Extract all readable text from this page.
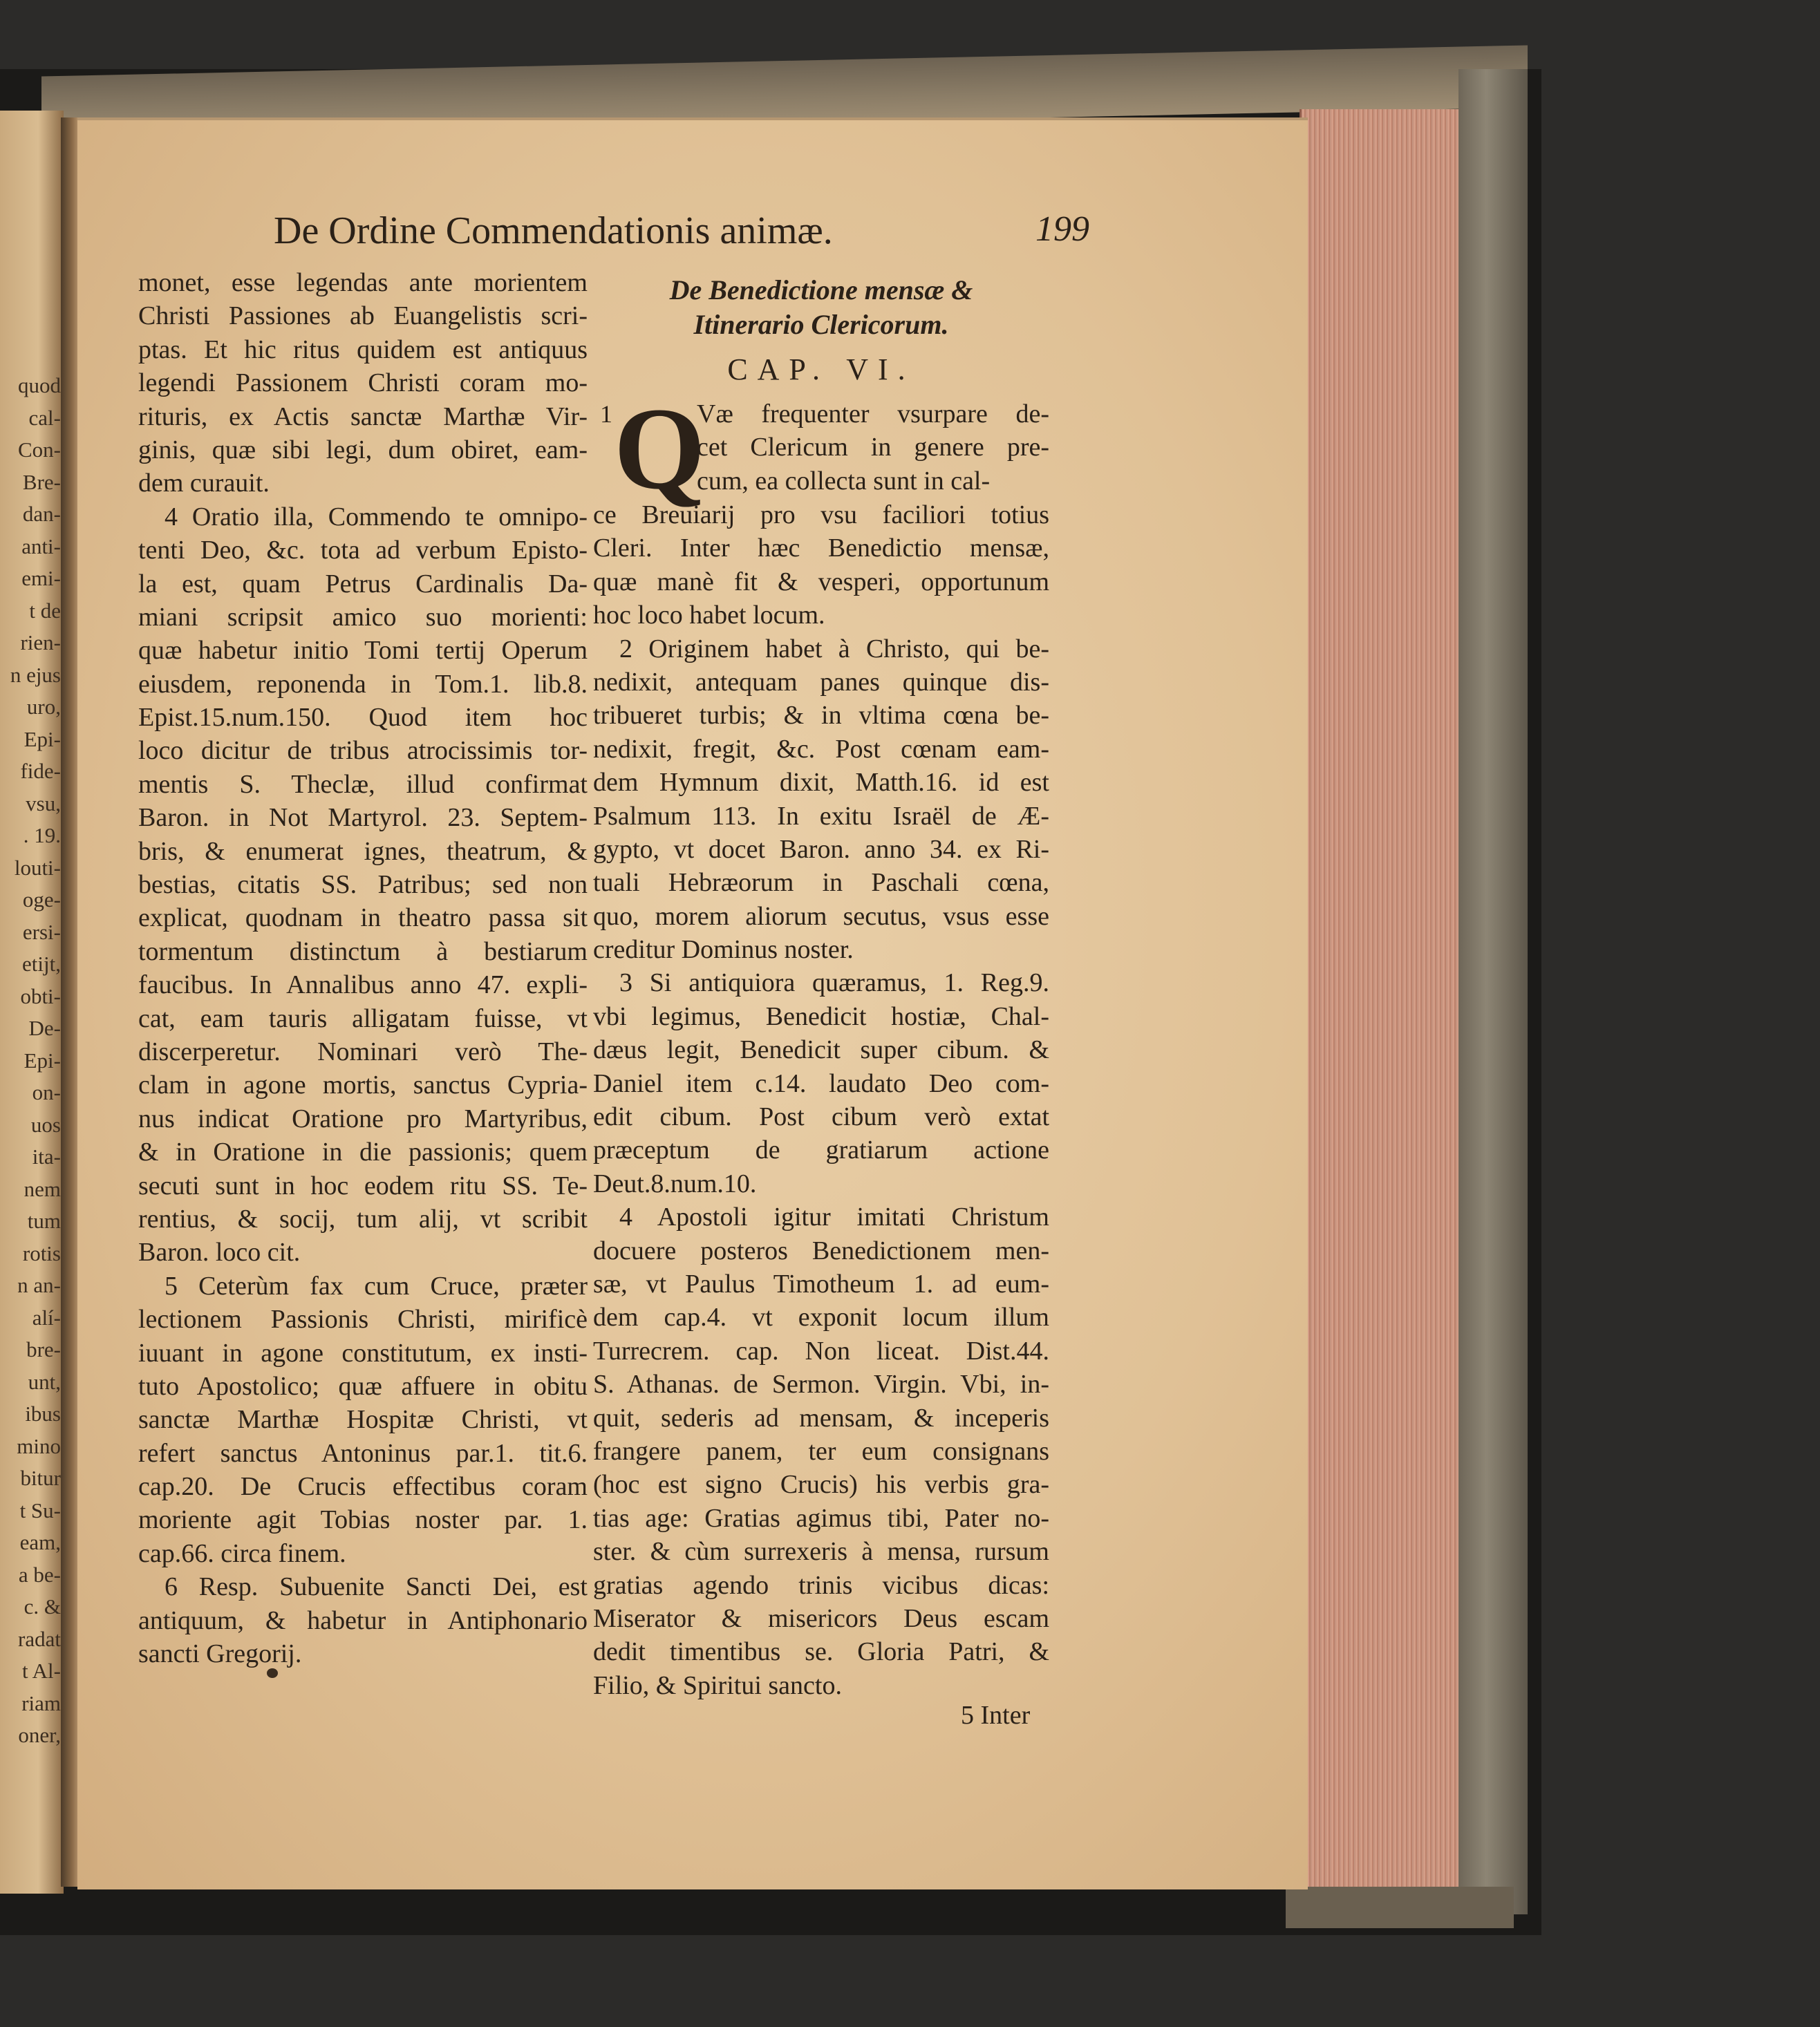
quod
cal-
Con-
Bre-
dan-
anti-
emi-
t de
rien-
n ejus
uro,
Epi-
fide-
vsu,
. 19.
louti-
oge-
ersi-
etijt,
obti-
De-
Epi-
on-
uos
ita-
nem
tum
rotis
n an-
alí-
bre-
unt,
ibus
mino
bitur
t Su-
eam,
a be-
c. &
radat
t Al-
riam
oner,
De Ordine Commendationis animæ.	199
monet, esse legendas ante morientem
Christi Passiones ab Euangelistis scri-
ptas. Et hic ritus quidem est antiquus
legendi Passionem Christi coram mo-
rituris, ex Actis sanctæ Marthæ Vir-
ginis, quæ sibi legi, dum obiret, eam-
dem curauit.
4 Oratio illa, Commendo te omnipo-
tenti Deo, &c. tota ad verbum Episto-
la est, quam Petrus Cardinalis Da-
miani scripsit amico suo morienti:
quæ habetur initio Tomi tertij Operum
eiusdem, reponenda in Tom.1. lib.8.
Epist.15.num.150. Quod item hoc
loco dicitur de tribus atrocissimis tor-
mentis S. Theclæ, illud confirmat
Baron. in Not Martyrol. 23. Septem-
bris, & enumerat ignes, theatrum, &
bestias, citatis SS. Patribus; sed non
explicat, quodnam in theatro passa sit
tormentum distinctum à bestiarum
faucibus. In Annalibus anno 47. expli-
cat, eam tauris alligatam fuisse, vt
discerperetur. Nominari verò The-
clam in agone mortis, sanctus Cypria-
nus indicat Oratione pro Martyribus,
& in Oratione in die passionis; quem
secuti sunt in hoc eodem ritu SS. Te-
rentius, & socij, tum alij, vt scribit
Baron. loco cit.
5 Ceterùm fax cum Cruce, præter
lectionem Passionis Christi, mirificè
iuuant in agone constitutum, ex insti-
tuto Apostolico; quæ affuere in obitu
sanctæ Marthæ Hospitæ Christi, vt
refert sanctus Antoninus par.1. tit.6.
cap.20. De Crucis effectibus coram
moriente agit Tobias noster par. 1.
cap.66. circa finem.
6 Resp. Subuenite Sancti Dei, est
antiquum, & habetur in Antiphonario
sancti Gregorij.
De Benedictione mensæ &
Itinerario Clericorum.
CAP. VI.
1 Q
Væ frequenter vsurpare de-
cet Clericum in genere pre-
cum, ea collecta sunt in cal-
ce Breuiarij pro vsu faciliori totius
Cleri. Inter hæc Benedictio mensæ,
quæ manè fit & vesperi, opportunum
hoc loco habet locum.
2 Originem habet à Christo, qui be-
nedixit, antequam panes quinque dis-
tribueret turbis; & in vltima cœna be-
nedixit, fregit, &c. Post cœnam eam-
dem Hymnum dixit, Matth.16. id est
Psalmum 113. In exitu Israël de Æ-
gypto, vt docet Baron. anno 34. ex Ri-
tuali Hebræorum in Paschali cœna,
quo, morem aliorum secutus, vsus esse
creditur Dominus noster.
3 Si antiquiora quæramus, 1. Reg.9.
vbi legimus, Benedicit hostiæ, Chal-
dæus legit, Benedicit super cibum. &
Daniel item c.14. laudato Deo com-
edit cibum. Post cibum verò extat
præceptum de gratiarum actione
Deut.8.num.10.
4 Apostoli igitur imitati Christum
docuere posteros Benedictionem men-
sæ, vt Paulus Timotheum 1. ad eum-
dem cap.4. vt exponit locum illum
Turrecrem. cap. Non liceat. Dist.44.
S. Athanas. de Sermon. Virgin. Vbi, in-
quit, sederis ad mensam, & inceperis
frangere panem, ter eum consignans
(hoc est signo Crucis) his verbis gra-
tias age: Gratias agimus tibi, Pater no-
ster. & cùm surrexeris à mensa, rursum
gratias agendo trinis vicibus dicas:
Miserator & misericors Deus escam
dedit timentibus se. Gloria Patri, &
Filio, & Spiritui sancto.
5 Inter
